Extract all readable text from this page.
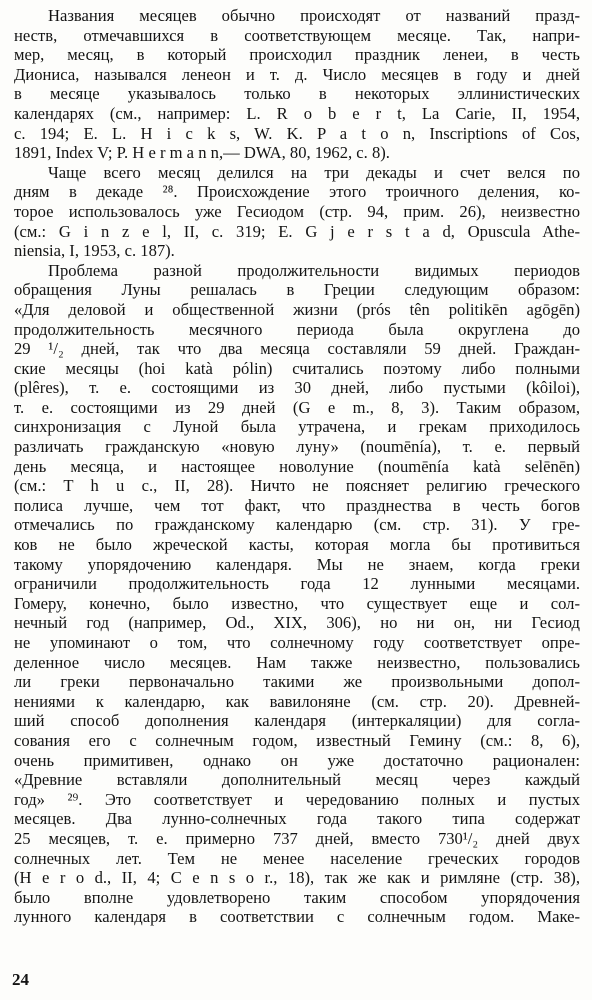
Названия месяцев обычно происходят от названий празд-
неств, отмечавшихся в соответствующем месяце. Так, напри-
мер, месяц, в который происходил праздник ленеи, в честь
Диониса, назывался ленеон и т. д. Число месяцев в году и дней
в месяце указывалось только в некоторых эллинистических
календарях (см., например: L. R o b e r t, La Carie, II, 1954,
с. 194; E. L. H i c k s, W. K. P a t o n, Inscriptions of Cos,
1891, Index V; P. H e r m a n n,— DWA, 80, 1962, с. 8).
Чаще всего месяц делился на три декады и счет велся по
дням в декаде ²⁸. Происхождение этого троичного деления, ко-
торое использовалось уже Гесиодом (стр. 94, прим. 26), неизвестно
(см.: G i n z e l, II, с. 319; E. G j e r s t a d, Opuscula Athe-
niensia, I, 1953, с. 187).
Проблема разной продолжительности видимых периодов
обращения Луны решалась в Греции следующим образом:
«Для деловой и общественной жизни (prós tên politikēn agōgēn)
продолжительность месячного периода была округлена до
29 ¹/₂ дней, так что два месяца составляли 59 дней. Граждан-
ские месяцы (hoi katà pólin) считались поэтому либо полными
(plêres), т. е. состоящими из 30 дней, либо пустыми (kôiloi),
т. е. состоящими из 29 дней (G e m., 8, 3). Таким образом,
синхронизация с Луной была утрачена, и грекам приходилось
различать гражданскую «новую луну» (noumēnía), т. е. первый
день месяца, и настоящее новолуние (noumēnía katà selēnēn)
(см.: T h u c., II, 28). Ничто не поясняет религию греческого
полиса лучше, чем тот факт, что празднества в честь богов
отмечались по гражданскому календарю (см. стр. 31). У гре-
ков не было жреческой касты, которая могла бы противиться
такому упорядочению календаря. Мы не знаем, когда греки
ограничили продолжительность года 12 лунными месяцами.
Гомеру, конечно, было известно, что существует еще и сол-
нечный год (например, Od., XIX, 306), но ни он, ни Гесиод
не упоминают о том, что солнечному году соответствует опре-
деленное число месяцев. Нам также неизвестно, пользовались
ли греки первоначально такими же произвольными допол-
нениями к календарю, как вавилоняне (см. стр. 20). Древней-
ший способ дополнения календаря (интеркаляции) для согла-
сования его с солнечным годом, известный Гемину (см.: 8, 6),
очень примитивен, однако он уже достаточно рационален:
«Древние вставляли дополнительный месяц через каждый
год» ²⁹. Это соответствует и чередованию полных и пустых
месяцев. Два лунно-солнечных года такого типа содержат
25 месяцев, т. е. примерно 737 дней, вместо 730¹/₂ дней двух
солнечных лет. Тем не менее население греческих городов
(H e r o d., II, 4; C e n s o r., 18), так же как и римляне (стр. 38),
было вполне удовлетворено таким способом упорядочения
лунного календаря в соответствии с солнечным годом. Маке-
24
